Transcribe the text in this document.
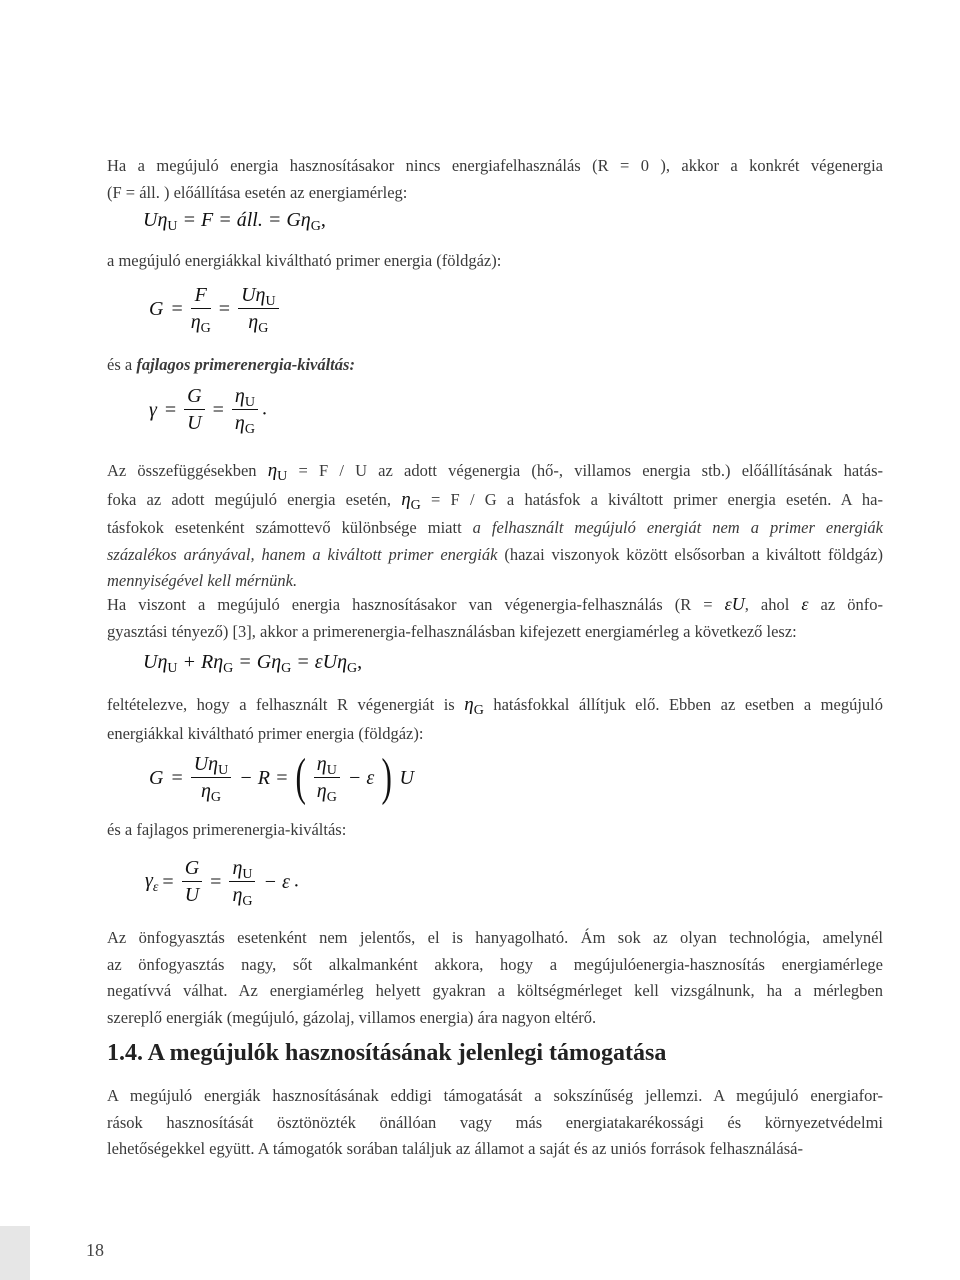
Ha a megújuló energia hasznosításakor nincs energiafelhasználás (R = 0 ), akkor a konkrét végenergia
(F = áll. ) előállítása esetén az energiamérleg:
$U\eta_U = F$ = áll. = $G\eta_G$,
a megújuló energiákkal kiváltható primer energia (földgáz):
$G = \frac{F}{\eta_G} = \frac{U\eta_U}{\eta_G}$
és a fajlagos primerenergia-kiváltás:
$\gamma = \frac{G}{U} = \frac{\eta_U}{\eta_G}$ .
Az összefüggésekben $\eta_U = F / U$ az adott végenergia (hő-, villamos energia stb.) előállításának hatás-
foka az adott megújuló energia esetén, $\eta_G = F / G$ a hatásfok a kiváltott primer energia esetén. A ha-
tásfokok esetenként számottevő különbsége miatt a felhasznált megújuló energiát nem a primer energiák
százalékos arányával, hanem a kiváltott primer energiák (hazai viszonyok között elsősorban a kiváltott földgáz)
mennyiségével kell mérnünk.
Ha viszont a megújuló energia hasznosításakor van végenergia-felhasználás (R = εU, ahol ε az önfo-
gyasztási tényező) [3], akkor a primerenergia-felhasználásban kifejezett energiamérleg a következő lesz:
$U\eta_U + R\eta_G = G\eta_G = \varepsilon U\eta_G$,
feltételezve, hogy a felhasznált R végenergiát is $\eta_G$ hatásfokkal állítjuk elő. Ebben az esetben a megújuló
energiákkal kiváltható primer energia (földgáz):
$G = \frac{U\eta_U}{\eta_G} - R$ = ( $\frac{\eta_U}{\eta_G} - \varepsilon$ ) U
és a fajlagos primerenergia-kiváltás:
$\gamma_\varepsilon = \frac{G}{U} = \frac{\eta_U}{\eta_G} - \varepsilon$ .
Az önfogyasztás esetenként nem jelentős, el is hanyagolható. Ám sok az olyan technológia, amelynél
az önfogyasztás nagy, sőt alkalmanként akkora, hogy a megújulóenergia-hasznosítás energiamérlege
negatívvá válhat. Az energiamérleg helyett gyakran a költségmérleget kell vizsgálnunk, ha a mérlegben
szereplő energiák (megújuló, gázolaj, villamos energia) ára nagyon eltérő.
1.4. A megújulók hasznosításának jelenlegi támogatása
A megújuló energiák hasznosításának eddigi támogatását a sokszínűség jellemzi. A megújuló energiafor-
rások hasznosítását ösztönözték önállóan vagy más energiatakarékossági és környezetvédelmi
lehetőségekkel együtt. A támogatók sorában találjuk az államot a saját és az uniós források felhasználásá-
18
